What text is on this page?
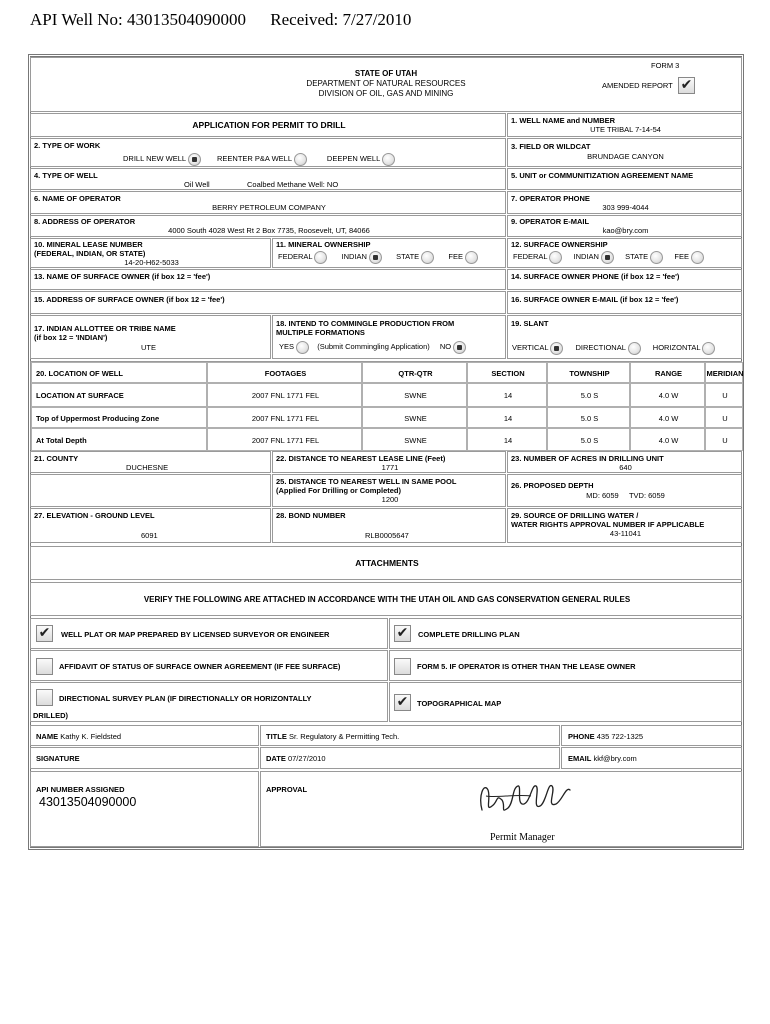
API Well No: 43013504090000 Received: 7/27/2010
STATE OF UTAH
DEPARTMENT OF NATURAL RESOURCES
DIVISION OF OIL, GAS AND MINING
FORM 3
AMENDED REPORT ✔
APPLICATION FOR PERMIT TO DRILL	1. WELL NAME and NUMBER
UTE TRIBAL 7-14-54
2. TYPE OF WORK
DRILL NEW WELL	REENTER P&A WELL	DEEPEN WELL
3. FIELD OR WILDCAT
BRUNDAGE CANYON
4. TYPE OF WELL
Oil Well	Coalbed Methane Well: NO
5. UNIT or COMMUNITIZATION AGREEMENT NAME
6. NAME OF OPERATOR
BERRY PETROLEUM COMPANY
7. OPERATOR PHONE
303 999-4044
8. ADDRESS OF OPERATOR
4000 South 4028 West Rt 2 Box 7735, Roosevelt, UT, 84066
9. OPERATOR E-MAIL
kao@bry.com
10. MINERAL LEASE NUMBER
(FEDERAL, INDIAN, OR STATE)
14-20-H62-5033
11. MINERAL OWNERSHIP
FEDERAL	INDIAN	STATE	FEE
12. SURFACE OWNERSHIP
FEDERAL	INDIAN	STATE	FEE
13. NAME OF SURFACE OWNER (if box 12 = 'fee')	14. SURFACE OWNER PHONE (if box 12 = 'fee')
15. ADDRESS OF SURFACE OWNER (if box 12 = 'fee')	16. SURFACE OWNER E-MAIL (if box 12 = 'fee')
17. INDIAN ALLOTTEE OR TRIBE NAME
(if box 12 = 'INDIAN')
UTE
18. INTEND TO COMMINGLE PRODUCTION FROM
MULTIPLE FORMATIONS
YES	(Submit Commingling Application) NO
19. SLANT
VERTICAL	DIRECTIONAL	HORIZONTAL
20. LOCATION OF WELL	FOOTAGES	QTR-QTR	SECTION	TOWNSHIP	RANGE	MERIDIAN
LOCATION AT SURFACE	2007 FNL 1771 FEL	SWNE	14	5.0 S	4.0 W	U
Top of Uppermost Producing Zone	2007 FNL 1771 FEL	SWNE	14	5.0 S	4.0 W	U
At Total Depth	2007 FNL 1771 FEL	SWNE	14	5.0 S	4.0 W	U
21. COUNTY
DUCHESNE
22. DISTANCE TO NEAREST LEASE LINE (Feet)
1771
23. NUMBER OF ACRES IN DRILLING UNIT
640
25. DISTANCE TO NEAREST WELL IN SAME POOL
(Applied For Drilling or Completed)
1200
26. PROPOSED DEPTH
MD: 6059     TVD: 6059
27. ELEVATION - GROUND LEVEL
6091
28. BOND NUMBER
RLB0005647
29. SOURCE OF DRILLING WATER /
WATER RIGHTS APPROVAL NUMBER IF APPLICABLE
43-11041
ATTACHMENTS
VERIFY THE FOLLOWING ARE ATTACHED IN ACCORDANCE WITH THE UTAH OIL AND GAS CONSERVATION GENERAL RULES
✔	WELL PLAT OR MAP PREPARED BY LICENSED SURVEYOR OR ENGINEER	✔	COMPLETE DRILLING PLAN
AFFIDAVIT OF STATUS OF SURFACE OWNER AGREEMENT (IF FEE SURFACE)	FORM 5. IF OPERATOR IS OTHER THAN THE LEASE OWNER
DIRECTIONAL SURVEY PLAN (IF DIRECTIONALLY OR HORIZONTALLY
DRILLED)
✔	TOPOGRAPHICAL MAP
NAME Kathy K. Fieldsted	TITLE Sr. Regulatory & Permitting Tech.	PHONE 435 722-1325
SIGNATURE	DATE 07/27/2010	EMAIL kkf@bry.com
API NUMBER ASSIGNED
43013504090000
APPROVAL
Permit Manager
